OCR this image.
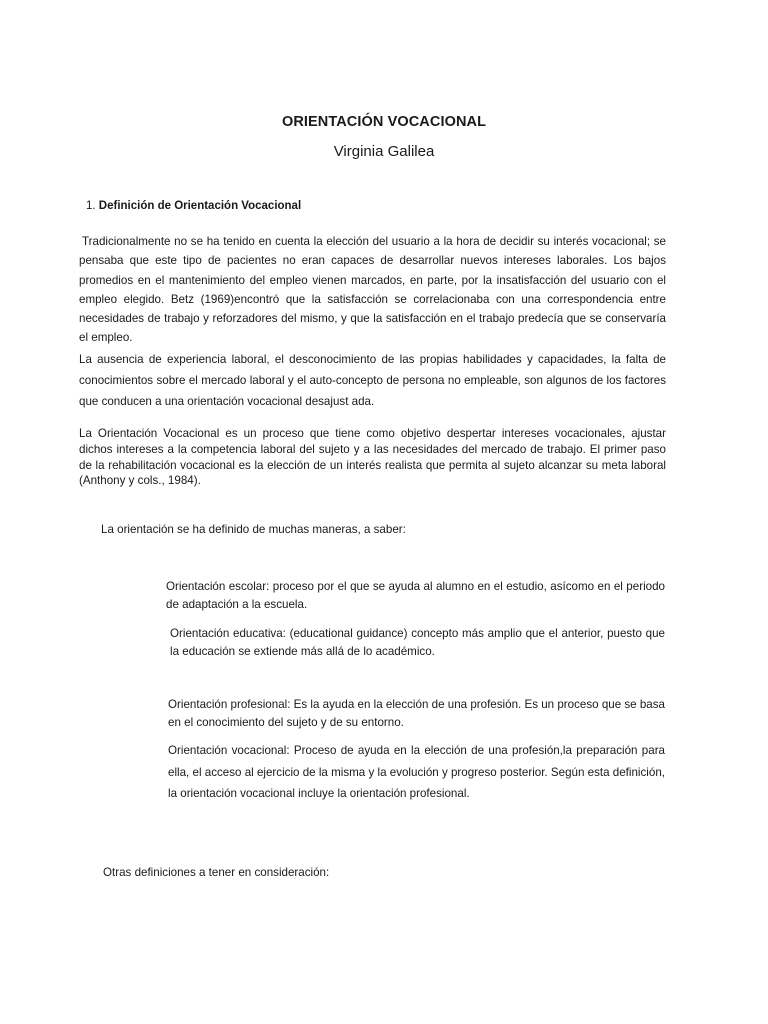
ORIENTACIÓN VOCACIONAL
Virginia Galilea
1. Definición de Orientación Vocacional

Tradicionalmente no se ha tenido en cuenta la elección del usuario a la hora de decidir su interés vocacional; se pensaba que este tipo de pacientes no eran capaces de desarrollar nuevos intereses laborales. Los bajos promedios en el mantenimiento del empleo vienen marcados, en parte, por la insatisfacción del usuario con el empleo elegido. Betz (1969)encontró que la satisfacción se correlacionaba con una correspondencia entre necesidades de trabajo y reforzadores del mismo, y que la satisfacción en el trabajo predecía que se conservaría el empleo.

La ausencia de experiencia laboral, el desconocimiento de las propias habilidades y capacidades, la falta de conocimientos sobre el mercado laboral y el auto-concepto de persona no empleable, son algunos de los factores que conducen a una orientación vocacional desajust ada.

La Orientación Vocacional es un proceso que tiene como objetivo despertar intereses vocacionales, ajustar dichos intereses a la competencia laboral del sujeto y a las necesidades del mercado de trabajo. El primer paso de la rehabilitación vocacional es la elección de un interés realista que permita al sujeto alcanzar su meta laboral (Anthony y cols., 1984).

La orientación se ha definido de muchas maneras, a saber:

Orientación escolar: proceso por el que se ayuda al alumno en el estudio, asícomo en el periodo de adaptación a la escuela.

Orientación educativa: (educational guidance) concepto más amplio que el anterior, puesto que la educación se extiende más allá de lo académico.

Orientación profesional: Es la ayuda en la elección de una profesión. Es un proceso que se basa en el conocimiento del sujeto y de su entorno.

Orientación vocacional: Proceso de ayuda en la elección de una profesión,la preparación para ella, el acceso al ejercicio de la misma y la evolución y progreso posterior. Según esta definición, la orientación vocacional incluye la orientación profesional.

Otras definiciones a tener en consideración:
